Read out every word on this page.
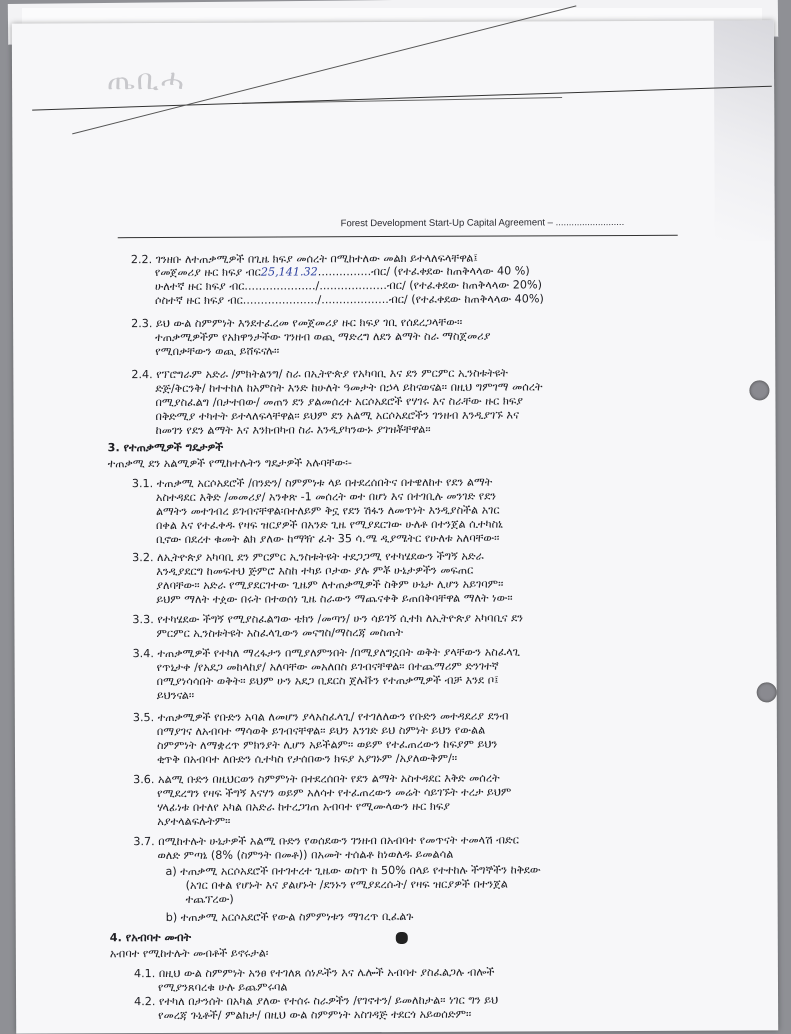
ጤቢሓ
Forest Development Start-Up Capital Agreement – ..........................
2.2. ገንዘቡ ለተጠቃሚዎች በጊዜ ክፍያ መሰረት በሚከተለው መልክ ይተላለፍላቸዋል፤
የመጀመሪያ ዙር ክፍያ ብር25,141.32...............ብር/ (የተፈቀደው ከጠቅላላው 40 %)
ሁለተኛ ዙር ክፍያ ብር..................../...................ብር/ (የተፈቀደው ከጠቅላላው 20%)
ሶስተኛ ዙር ክፍያ ብር...................../...................ብር/ (የተፈቀደው ከጠቅላላው 40%)
2.3. ይህ ውል ስምምነት እንደተፈረመ የመጀመሪያ ዙር ክፍያ ገቢ የሰደረጋላቸው፡፡
ተጠቃሚዎችም የአክዋንታችው ገንዘብ ወጪ ማድረግ ለደን ልማት ስራ ማስጀመሪያ
የሚበቃቸውን ወጪ ይሸፍናሉ፡፡
2.4. የፕሮግራም አድራ /ምክትልንግ/ ስራ በኢትዮጵያ የአካባቢ እና ደን ምርምር ኢንስቱትዩት
ድጅ/ቅርንቅ/ ከተተከለ ከአምስት እንድ ከሁለት ዓመታት በኃላ ይከናወናል፡፡ በዚህ ግምገማ መሰረት
በሚያስፈልግ /በታተበው/ መጠን ደን ያልመሰረተ አርሶአደሮች የሃገሩ እና ስራቸው ዙር ክፍያ
በቅድሚያ ተካተት ይተላለፍላቸዋል፡፡ ይህም ደን አልሚ አርሶአደሮችን ገንዘብ እንዲያገኙ እና
ከመገን የደን ልማት እና እንክብካብ ስራ እንዲያካንውኑ ያገዝቾቸዋል፡፡
3. የተጠቃሚዎች ግዴታዎች
ተጠቃሚ ደን አልሚዎች የሚከተሉትን ግዴታዎች አሉባቸው፡-
3.1. ተጠቃሚ አርሶአደሮች /በንድን/ ስምምነቱ ላይ በተደረሰበትና በተዌለከተ የደን ልማት
አስተዳደር እቅድ /መመሪያ/ አንቀጽ -1 መሰረት ወተ በሆነ እና በተገቢሉ መንገድ የደን
ልማትን መተገብረ ይገብናቸዋል፡በተለይም ቅኗ የደን ሽፋን ለመጥነት እንዲያስችል አገር
በቀል እና የተፈቀዱ የዛፍ ዝርያዎች በአንድ ጊዜ የሚያደርገው ሁለቶ በተንጀል ሲተካስኒ
ቢኖው በደረተ ቁመት ልክ ያለው ከማዥ ፈት 35 ሳ.ሜ ዲያሜትር የሁለቱ አለባቸው፡፡
3.2. ለኢትዮጵያ አካባቢ ደን ምርምር ኢንስቱትዩት ተደጋጋሚ የተካሄደውን ችግኝ አድራ
እንዲያደርግ ከመፍተህ ጅምሮ እስከ ተካይ ቦታው ያሉ ምቾ ሁኔታዎችን መፍጠር
ያለባቸው፡፡ አድራ የሚያደርገተው ጊዜም ለተጠቃሚዎች ስቅም ሁኔታ ሊሆን አይገባም፡፡
ይህም ማለት ተዸው በሩት በተወሰነ ጊዜ ስራውን ማጨናቀቅ ይጠበቅባቸዋል ማለት ነው፡፡
3.3. የተካሄደው ችግኝ የሚያስፈልግው ቴክን /መጣን/ ሁን ሳይገኝ ሲተክ ለኢትዮጵያ አካባቢና ደን
ምርምር ኢንስቱትዩት አስፈላጊውን መናግስ/ማስረጃ መስጠት
3.4. ተጠቃሚዎች የተካለ ማረፋታን በሚያለምንበት /በሚያለግኗበት ወቅት ያላቸውን አስፈላጊ
የጥኒታቀ /የአደጋ መከላከያ/ አለባቸው መአለበስ ይገብናቸዋል፡፡ በተጨማሪም ድንገተኛ
በሚያነሳሳበት ወቅት፡፡ ይህም ሁን አደጋ ቢደርስ ጀሉቩን የተጠቃሚዎች ብቻ እንደ ቦ፤
ይህንናል፡፡
3.5. ተጠቃሚዎች የቡድን አባል ለመሆን ያላአስፈላጊ/ የተገለለውን የቡድን መተዳደሪያ ደንብ
በማያገና ለአብባተ ማሳወቅ ይገብናቸዋል፡፡ ይህን እንገድ ይህ ስምነት ይህን የውልል
ስምምነት ለማቋረጥ ምክንያት ሊሆን አይችልም፡፡ ወይም የተፈጠረውን ከፍያም ይህን
ቂጥቅ በአብባተ ለቡድን ሲተካስ የታሰበውን ክፍያ አያገኑም /አያለውቅም/፡፡
3.6. አልሚ ቡድን በዚህርወን ስምምነት በተደረሰበት የደን ልማት አስተዳደር እቅድ መሰረት
የሚደረግን የዛፍ ችግኝ እናሃን ወይም አለሳተ የተፈጠረውን መሬት ሳይገኙት ተረታ ይህም
ሃላፊነቱ በተለየ አካል በአድራ ከተረጋገጠ አብባተ የሚሙላውን ዙር ክፍያ
አያተላልፍሉትም፡፡
3.7. በሚከተሉት ሁኔታዎች አልሚ ቡድን የወሰደውን ገንዘብ በአብባተ የመጥናት ተመላሽ ብድር
ወለድ ምጣኔ (8% (ስምንት በመቶ)) በአመት ተሰልቶ ከነወለዱ ይመልሳል
a) ተጠቃሚ አርሶአደሮች በተገተረተ ጊዜው ወስጥ ከ 50% በላይ የተተከሉ ችግኞችን ከቅደው
(አገር በቀል የሆኑት እና ያልሆኑት /ደንኑን የሚያደረሱት/ የዛፍ ዝርያዎች በተንጀል
ተጨፕረው)
b) ተጠቃሚ አርሶአደሮች የውል ስምምነቱን ማገረጥ ቢፈልጉ
4. የአብባተ መብት
አብባተ የሚከተሉት መብቶች ይኖሩታል፡
4.1. በዚህ ውል ስምምነት አንፀ የተገለጸ ሰነዶችን እና ሌሎች አብባተ ያስፈልጋሉ ብሎች
የሚያንጸባረቁ ሁሉ ይጨምሩባል
4.2. የተካለ በታንሰት በአካል ያለው የተሰሩ ስራዎችን /የገኖተን/ ይመለከታል፡፡ ነገር ግን ይህ
የመረጃ ጉኒቶች/ ምልክታ/ በዚህ ውል ስምምነት አስገዳጅ ተደርጎ አይወሰድም፡፡
